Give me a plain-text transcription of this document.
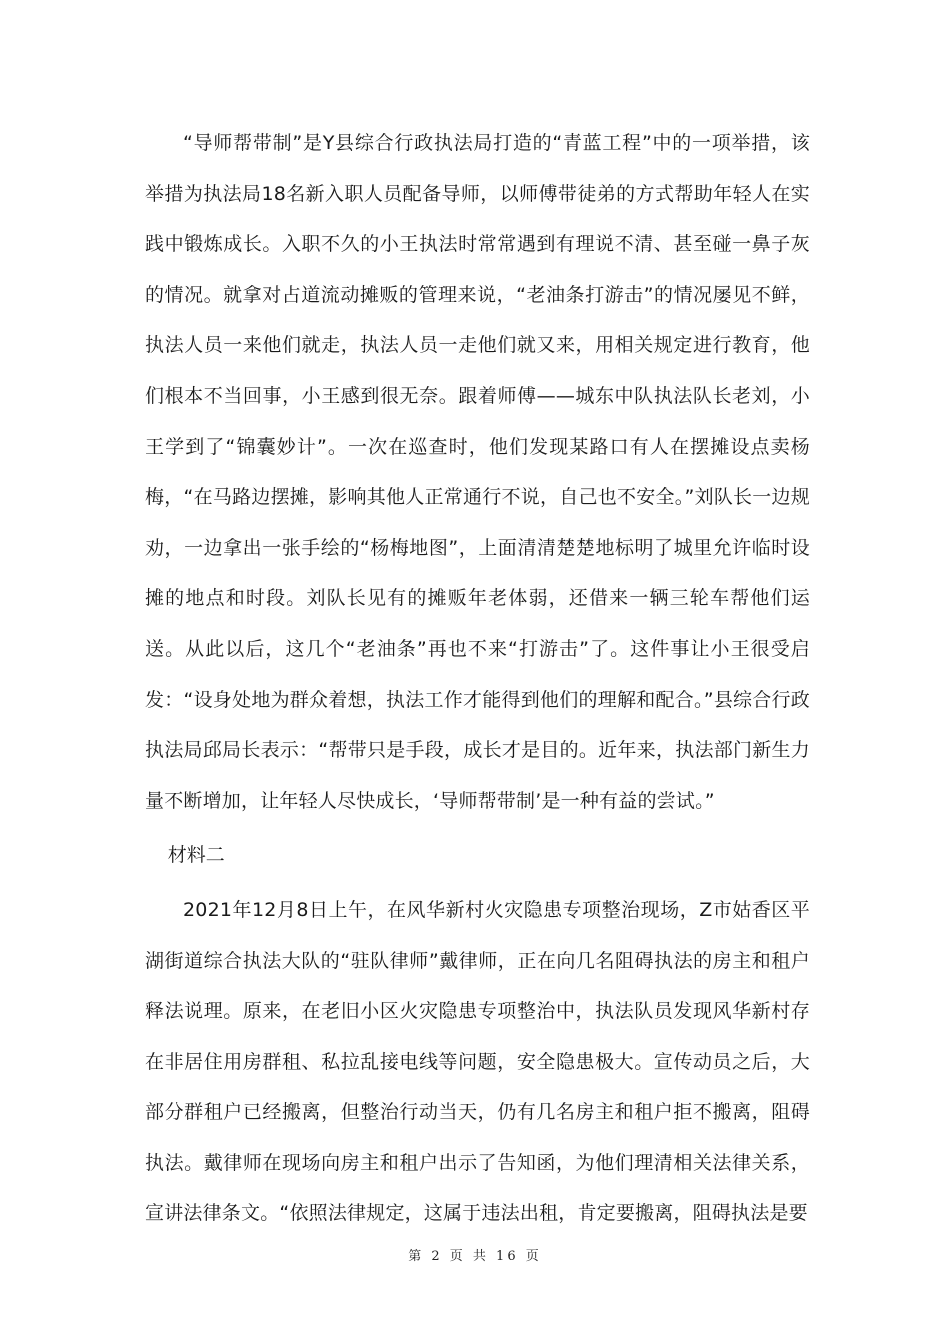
“导师帮带制”是Y县综合行政执法局打造的“青蓝工程”中的一项举措，该举措为执法局18名新入职人员配备导师，以师傅带徒弟的方式帮助年轻人在实践中锻炼成长。入职不久的小王执法时常常遇到有理说不清、甚至碰一鼻子灰的情况。就拿对占道流动摊贩的管理来说，“老油条打游击”的情况屡见不鲜，执法人员一来他们就走，执法人员一走他们就又来，用相关规定进行教育，他们根本不当回事，小王感到很无奈。跟着师傅——城东中队执法队长老刘，小王学到了“锦囊妙计”。一次在巡查时，他们发现某路口有人在摆摊设点卖杨梅，“在马路边摆摊，影响其他人正常通行不说，自己也不安全。”刘队长一边规劝，一边拿出一张手绘的“杨梅地图”，上面清清楚楚地标明了城里允许临时设摊的地点和时段。刘队长见有的摊贩年老体弱，还借来一辆三轮车帮他们运送。从此以后，这几个“老油条”再也不来“打游击”了。这件事让小王很受启发：“设身处地为群众着想，执法工作才能得到他们的理解和配合。”县综合行政执法局邱局长表示：“帮带只是手段，成长才是目的。近年来，执法部门新生力量不断增加，让年轻人尽快成长，‘导师帮带制’是一种有益的尝试。”

材料二

2021年12月8日上午，在风华新村火灾隐患专项整治现场，Z市姑香区平湖街道综合执法大队的“驻队律师”戴律师，正在向几名阻碍执法的房主和租户释法说理。原来，在老旧小区火灾隐患专项整治中，执法队员发现风华新村存在非居住用房群租、私拉乱接电线等问题，安全隐患极大。宣传动员之后，大部分群租户已经搬离，但整治行动当天，仍有几名房主和租户拒不搬离，阻碍执法。戴律师在现场向房主和租户出示了告知函，为他们理清相关法律关系，宣讲法律条文。“依照法律规定，这属于违法出租，肯定要搬离，阻碍执法是要

第 2 页 共 16 页
